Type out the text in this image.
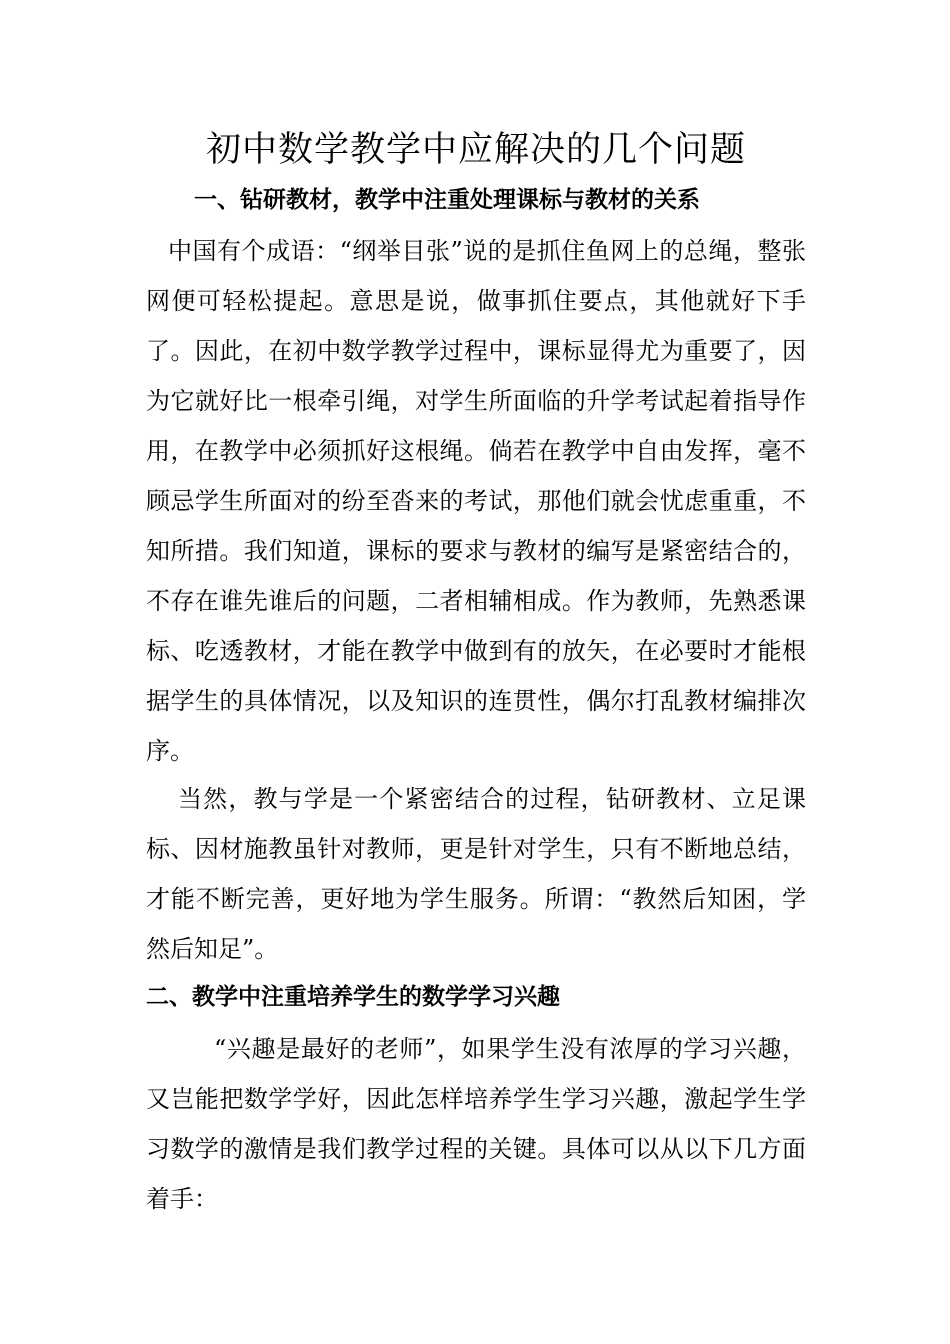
初中数学教学中应解决的几个问题
一、钻研教材，教学中注重处理课标与教材的关系

中国有个成语：“纲举目张”说的是抓住鱼网上的总绳，整张网便可轻松提起。意思是说，做事抓住要点，其他就好下手了。因此，在初中数学教学过程中，课标显得尤为重要了，因为它就好比一根牵引绳，对学生所面临的升学考试起着指导作用，在教学中必须抓好这根绳。倘若在教学中自由发挥，毫不顾忌学生所面对的纷至沓来的考试，那他们就会忧虑重重，不知所措。我们知道，课标的要求与教材的编写是紧密结合的，不存在谁先谁后的问题，二者相辅相成。作为教师，先熟悉课标、吃透教材，才能在教学中做到有的放矢，在必要时才能根据学生的具体情况，以及知识的连贯性，偶尔打乱教材编排次序。

当然，教与学是一个紧密结合的过程，钻研教材、立足课标、因材施教虽针对教师，更是针对学生，只有不断地总结，才能不断完善，更好地为学生服务。所谓：“教然后知困，学然后知足”。

二、教学中注重培养学生的数学学习兴趣

“兴趣是最好的老师”，如果学生没有浓厚的学习兴趣，又岂能把数学学好，因此怎样培养学生学习兴趣，激起学生学习数学的激情是我们教学过程的关键。具体可以从以下几方面着手：
